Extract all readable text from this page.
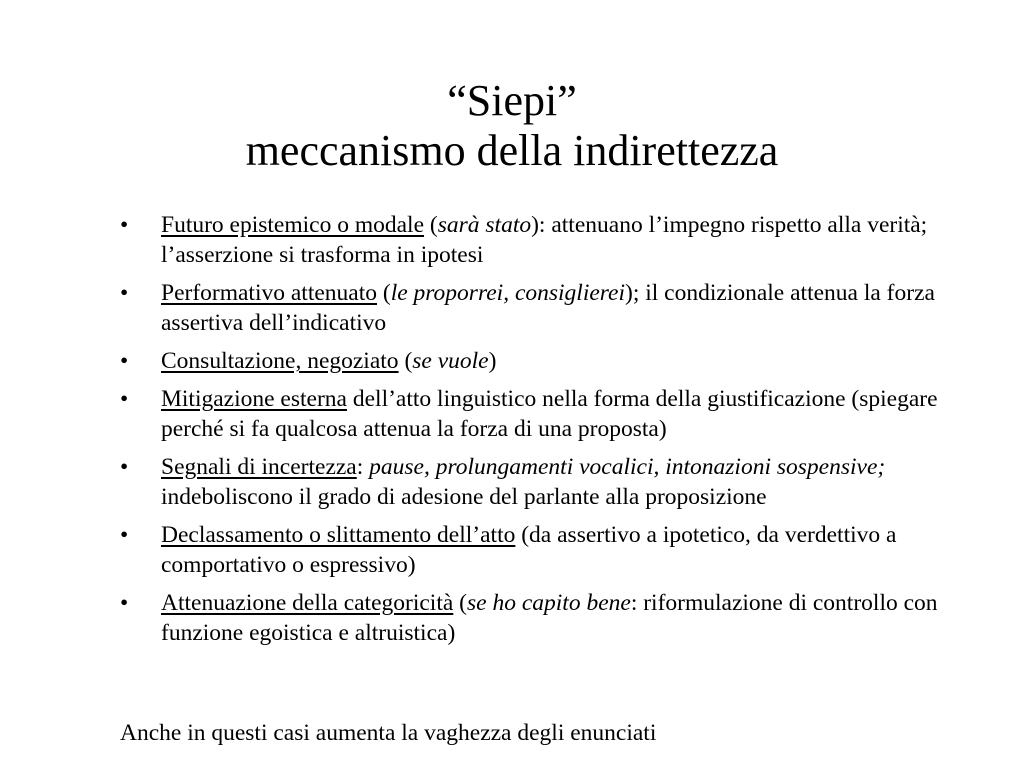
“Siepi”
meccanismo della indirettezza
• Futuro epistemico o modale (sarà stato): attenuano l’impegno rispetto alla verità; l’asserzione si trasforma in ipotesi
• Performativo attenuato (le proporrei, consiglierei); il condizionale attenua la forza assertiva dell’indicativo
• Consultazione, negoziato (se vuole)
• Mitigazione esterna dell’atto linguistico nella forma della giustificazione (spiegare perché si fa qualcosa attenua la forza di una proposta)
• Segnali di incertezza: pause, prolungamenti vocalici, intonazioni sospensive; indeboliscono il grado di adesione del parlante alla proposizione
• Declassamento o slittamento dell’atto (da assertivo a ipotetico, da verdettivo a comportativo o espressivo)
• Attenuazione della categoricità (se ho capito bene: riformulazione di controllo con funzione egoistica e altruistica)
Anche in questi casi aumenta la vaghezza degli enunciati
